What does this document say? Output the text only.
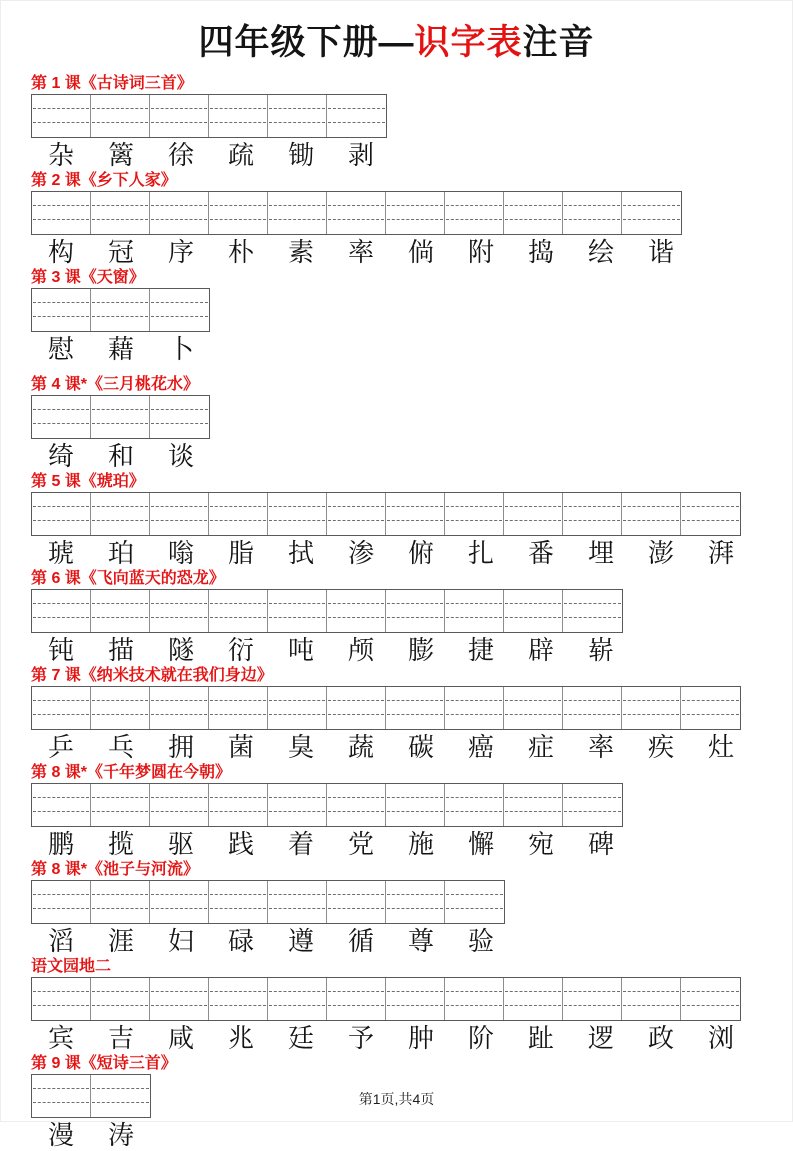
四年级下册—识字表注音
第 1 课《古诗词三首》
杂	篱	徐	疏	锄	剥
第 2 课《乡下人家》
构	冠	序	朴	素	率	倘	附	捣	绘	谐
第 3 课《天窗》
慰	藉	卜
第 4 课*《三月桃花水》
绮	和	谈
第 5 课《琥珀》
琥	珀	嗡	脂	拭	渗	俯	扎	番	埋	澎	湃
第 6 课《飞向蓝天的恐龙》
钝	描	隧	衍	吨	颅	膨	捷	辟	崭
第 7 课《纳米技术就在我们身边》
乒	乓	拥	菌	臭	蔬	碳	癌	症	率	疾	灶
第 8 课*《千年梦圆在今朝》
鹏	揽	驱	践	着	党	施	懈	宛	碑
第 8 课*《池子与河流》
滔	涯	妇	碌	遵	循	尊	验
语文园地二
宾	吉	咸	兆	廷	予	肿	阶	趾	逻	政	浏
第 9 课《短诗三首》
漫	涛
第1页,共4页
